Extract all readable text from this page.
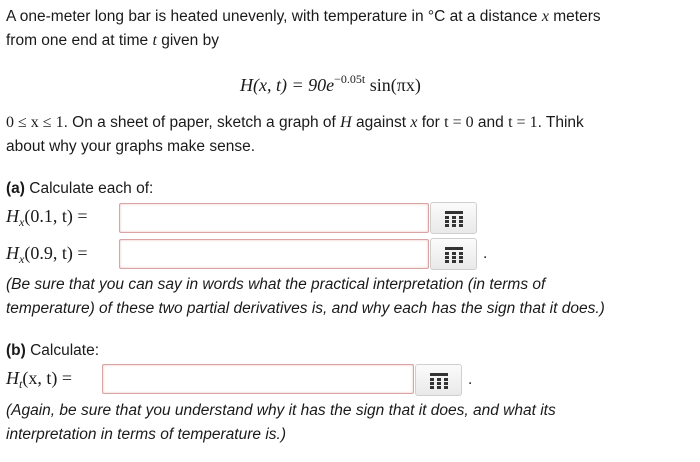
A one-meter long bar is heated unevenly, with temperature in °C at a distance x meters
from one end at time t given by
H(x, $t) = 90e^{-0.05t}$ sin(πx)
0 ≤ x ≤ 1. On a sheet of paper, sketch a graph of H against x for t = 0 and t = 1. Think
about why your graphs make sense.
(a) Calculate each of:
$H_x(0.1$, t) =
$H_x(0.9$, t) =	.
(Be sure that you can say in words what the practical interpretation (in terms of
temperature) of these two partial derivatives is, and why each has the sign that it does.)
(b) Calculate:
$H_t(x$, t) =	.
(Again, be sure that you understand why it has the sign that it does, and what its
interpretation in terms of temperature is.)
